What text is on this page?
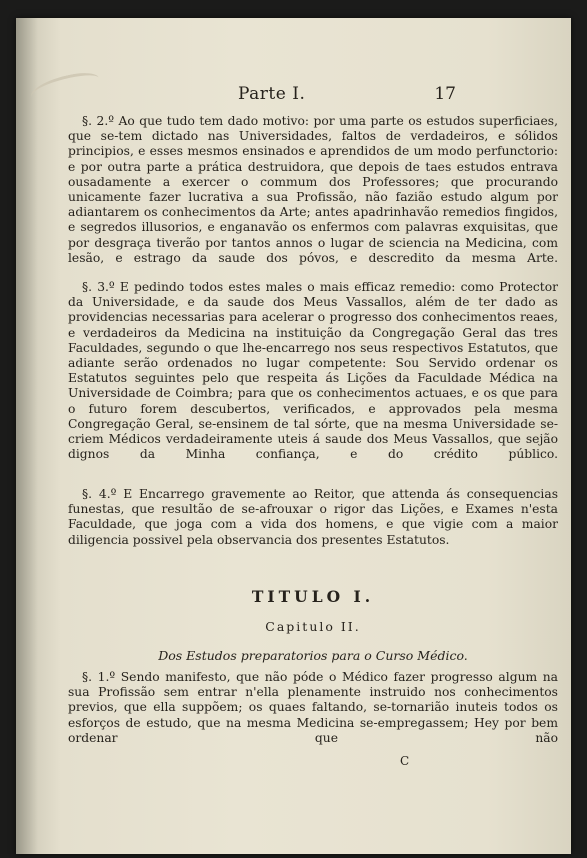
Parte I.	17

§. 2.º Ao que tudo tem dado motivo: por uma parte os estudos superficiaes, que se-tem dictado nas Universidades, faltos de verdadeiros, e sólidos principios, e esses mesmos ensinados e aprendidos de um modo perfunctorio: e por outra parte a prática destruidora, que depois de taes estudos entrava ousadamente a exercer o commum dos Professores; que procurando unicamente fazer lucrativa a sua Profissão, não fazião estudo algum por adiantarem os conhecimentos da Arte; antes apadrinhavão remedios fingidos, e segredos illusorios, e enganavão os enfermos com palavras exquisitas, que por desgraça tiverão por tantos annos o lugar de sciencia na Medicina, com lesão, e estrago da saude dos póvos, e descredito da mesma Arte.

§. 3.º E pedindo todos estes males o mais efficaz remedio: como Protector da Universidade, e da saude dos Meus Vassallos, além de ter dado as providencias necessarias para acelerar o progresso dos conhecimentos reaes, e verdadeiros da Medicina na instituição da Congregação Geral das tres Faculdades, segundo o que lhe-encarrego nos seus respectivos Estatutos, que adiante serão ordenados no lugar competente: Sou Servido ordenar os Estatutos seguintes pelo que respeita ás Lições da Faculdade Médica na Universidade de Coimbra; para que os conhecimentos actuaes, e os que para o futuro forem descubertos, verificados, e approvados pela mesma Congregação Geral, se-ensinem de tal sórte, que na mesma Universidade se-criem Médicos verdadeiramente uteis á saude dos Meus Vassallos, que sejão dignos da Minha confiança, e do crédito público.

§. 4.º E Encarrego gravemente ao Reitor, que attenda ás consequencias funestas, que resultão de se-afrouxar o rigor das Lições, e Exames n'esta Faculdade, que joga com a vida dos homens, e que vigie com a maior diligencia possivel pela observancia dos presentes Estatutos.

TITULO I.
Capitulo II.
Dos Estudos preparatorios para o Curso Médico.

§. 1.º Sendo manifesto, que não póde o Médico fazer progresso algum na sua Profissão sem entrar n'ella plenamente instruido nos conhecimentos previos, que ella suppõem; os quaes faltando, se-tornarião inuteis todos os esforços de estudo, que na mesma Medicina se-empregassem; Hey por bem ordenar que não

C
